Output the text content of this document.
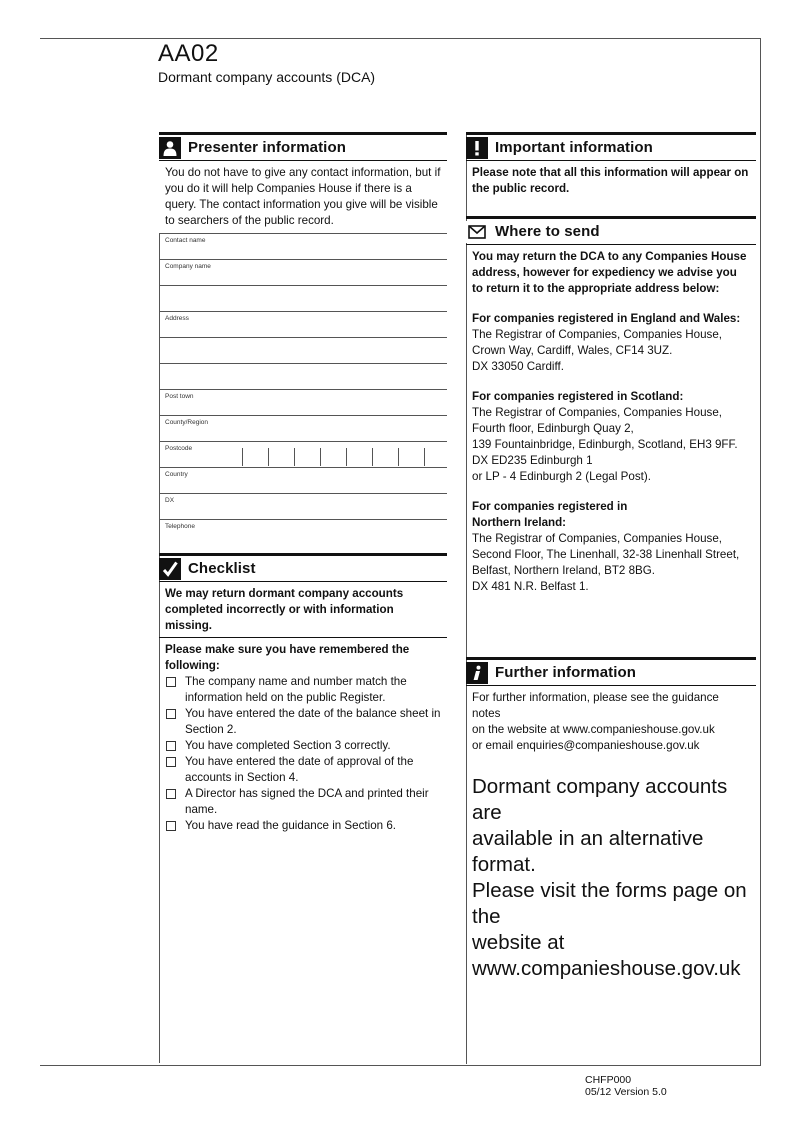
AA02
Dormant company accounts (DCA)
Presenter information
You do not have to give any contact information, but if you do it will help Companies House if there is a query. The contact information you give will be visible to searchers of the public record.
Contact name
Company name
Address
Post town
County/Region
Postcode
Country
DX
Telephone
Checklist
We may return dormant company accounts completed incorrectly or with information missing.
Please make sure you have remembered the following:
The company name and number match the information held on the public Register.
You have entered the date of the balance sheet in Section 2.
You have completed Section 3 correctly.
You have entered the date of approval of the accounts in Section 4.
A Director has signed the DCA and printed their name.
You have read the guidance in Section 6.
Important information
Please note that all this information will appear on the public record.
Where to send
You may return the DCA to any Companies House address, however for expediency we advise you to return it to the appropriate address below:
For companies registered in England and Wales:
The Registrar of Companies, Companies House,
Crown Way, Cardiff, Wales, CF14 3UZ.
DX 33050 Cardiff.
For companies registered in Scotland:
The Registrar of Companies, Companies House,
Fourth floor, Edinburgh Quay 2,
139 Fountainbridge, Edinburgh, Scotland, EH3 9FF.
DX ED235 Edinburgh 1
or LP - 4 Edinburgh 2 (Legal Post).
For companies registered in
Northern Ireland:
The Registrar of Companies, Companies House,
Second Floor, The Linenhall, 32-38 Linenhall Street,
Belfast, Northern Ireland, BT2 8BG.
DX 481 N.R. Belfast 1.
Further information
For further information, please see the guidance notes
on the website at www.companieshouse.gov.uk
or email enquiries@companieshouse.gov.uk
Dormant company accounts are
available in an alternative format.
Please visit the forms page on the
website at
www.companieshouse.gov.uk
CHFP000
05/12 Version 5.0
